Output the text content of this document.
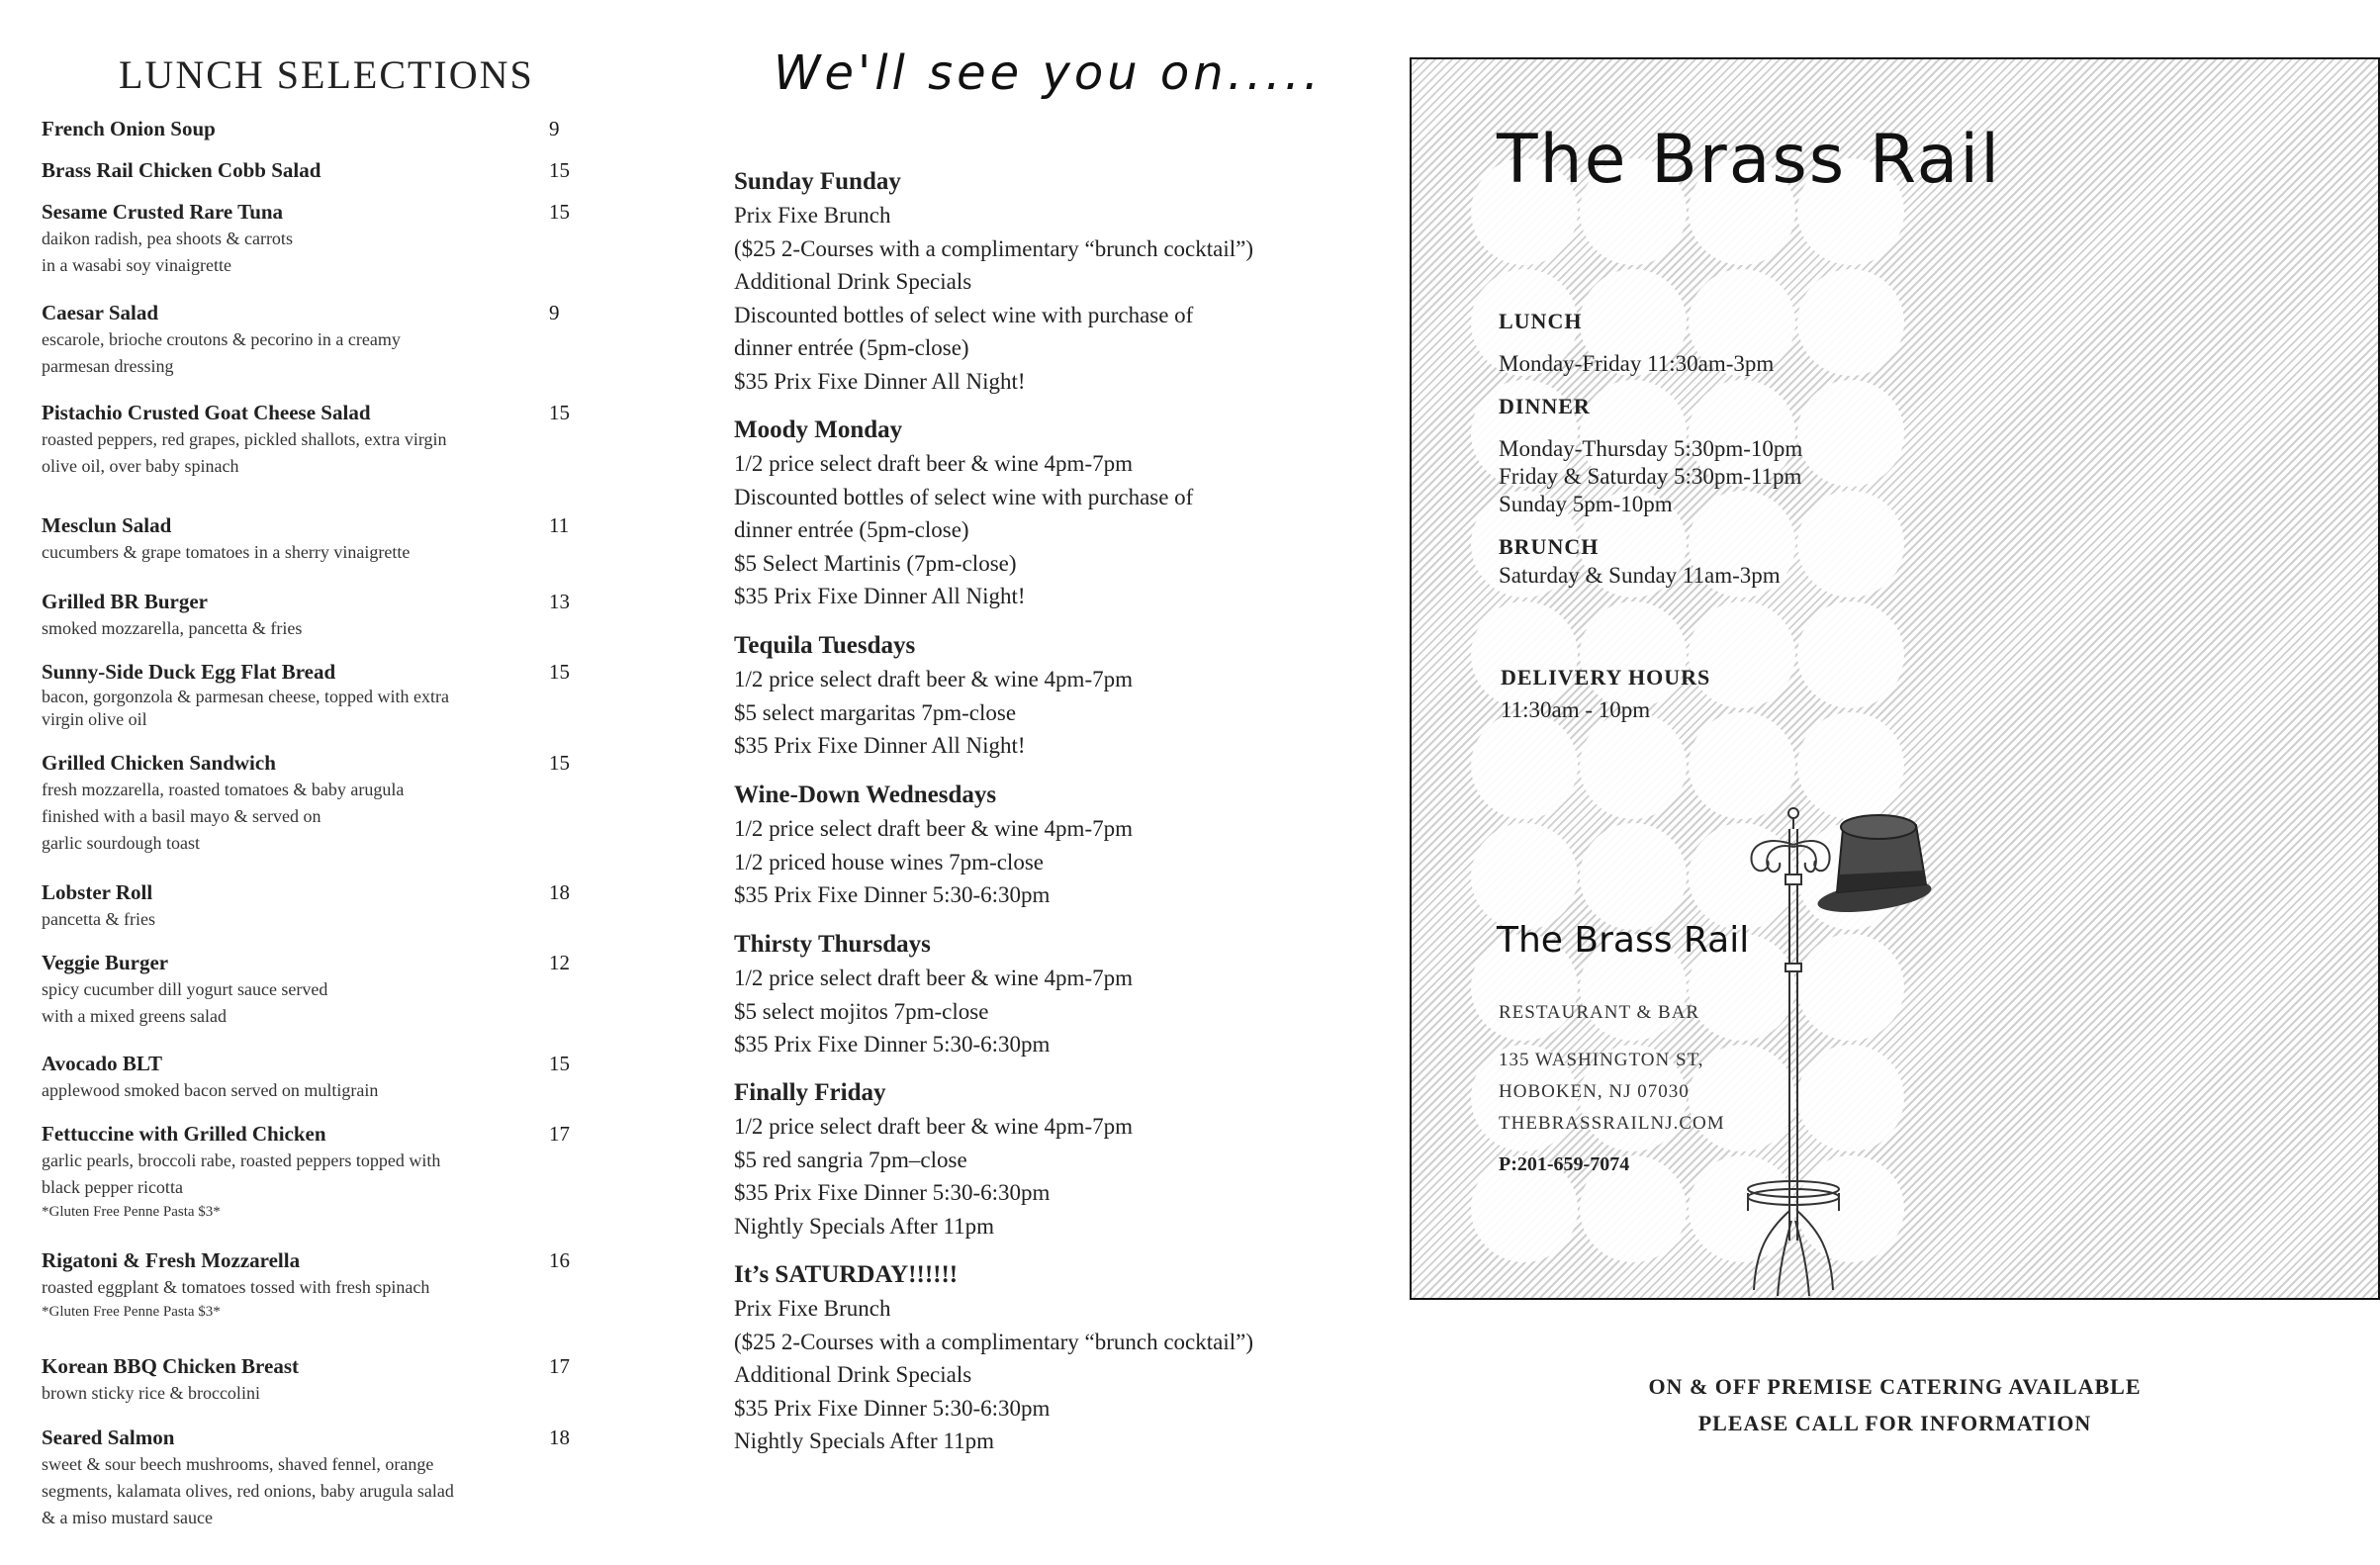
LUNCH SELECTIONS
French Onion Soup	9
Brass Rail Chicken Cobb Salad	15
Sesame Crusted Rare Tuna	15
daikon radish, pea shoots & carrots
in a wasabi soy vinaigrette
Caesar Salad	9
escarole, brioche croutons & pecorino in a creamy
parmesan dressing
Pistachio Crusted Goat Cheese Salad	15
roasted peppers, red grapes, pickled shallots, extra virgin
olive oil, over baby spinach
Mesclun Salad	11
cucumbers & grape tomatoes in a sherry vinaigrette
Grilled BR Burger	13
smoked mozzarella, pancetta & fries
Sunny-Side Duck Egg Flat Bread	15
bacon, gorgonzola & parmesan cheese, topped with extra
virgin olive oil
Grilled Chicken Sandwich	15
fresh mozzarella, roasted tomatoes & baby arugula
finished with a basil mayo & served on
garlic sourdough toast
Lobster Roll	18
pancetta & fries
Veggie Burger	12
spicy cucumber dill yogurt sauce served
with a mixed greens salad
Avocado BLT	15
applewood smoked bacon served on multigrain
Fettuccine with Grilled Chicken	17
garlic pearls, broccoli rabe, roasted peppers topped with
black pepper ricotta
*Gluten Free Penne Pasta $3*
Rigatoni & Fresh Mozzarella	16
roasted eggplant & tomatoes tossed with fresh spinach
*Gluten Free Penne Pasta $3*
Korean BBQ Chicken Breast	17
brown sticky rice & broccolini
Seared Salmon	18
sweet & sour beech mushrooms, shaved fennel, orange
segments, kalamata olives, red onions, baby arugula salad
& a miso mustard sauce
We'll see you on.....
Sunday Funday
Prix Fixe Brunch
($25 2-Courses with a complimentary “brunch cocktail”)
Additional Drink Specials
Discounted bottles of select wine with purchase of
dinner entrée (5pm-close)
$35 Prix Fixe Dinner All Night!
Moody Monday
1/2 price select draft beer & wine 4pm-7pm
Discounted bottles of select wine with purchase of
dinner entrée (5pm-close)
$5 Select Martinis (7pm-close)
$35 Prix Fixe Dinner All Night!
Tequila Tuesdays
1/2 price select draft beer & wine 4pm-7pm
$5 select margaritas 7pm-close
$35 Prix Fixe Dinner All Night!
Wine-Down Wednesdays
1/2 price select draft beer & wine 4pm-7pm
1/2 priced house wines 7pm-close
$35 Prix Fixe Dinner 5:30-6:30pm
Thirsty Thursdays
1/2 price select draft beer & wine 4pm-7pm
$5 select mojitos 7pm-close
$35 Prix Fixe Dinner 5:30-6:30pm
Finally Friday
1/2 price select draft beer & wine 4pm-7pm
$5 red sangria 7pm–close
$35 Prix Fixe Dinner 5:30-6:30pm
Nightly Specials After 11pm
It’s SATURDAY!!!!!!
Prix Fixe Brunch
($25 2-Courses with a complimentary “brunch cocktail”)
Additional Drink Specials
$35 Prix Fixe Dinner 5:30-6:30pm
Nightly Specials After 11pm
The Brass Rail
LUNCH
Monday-Friday 11:30am-3pm
DINNER
Monday-Thursday 5:30pm-10pm
Friday & Saturday 5:30pm-11pm
Sunday 5pm-10pm
BRUNCH
Saturday & Sunday 11am-3pm
DELIVERY HOURS
11:30am - 10pm
The Brass Rail
RESTAURANT & BAR
135 WASHINGTON ST,
HOBOKEN, NJ 07030
THEBRASSRAILNJ.COM
P:201-659-7074
ON & OFF PREMISE CATERING AVAILABLE
PLEASE CALL FOR INFORMATION
